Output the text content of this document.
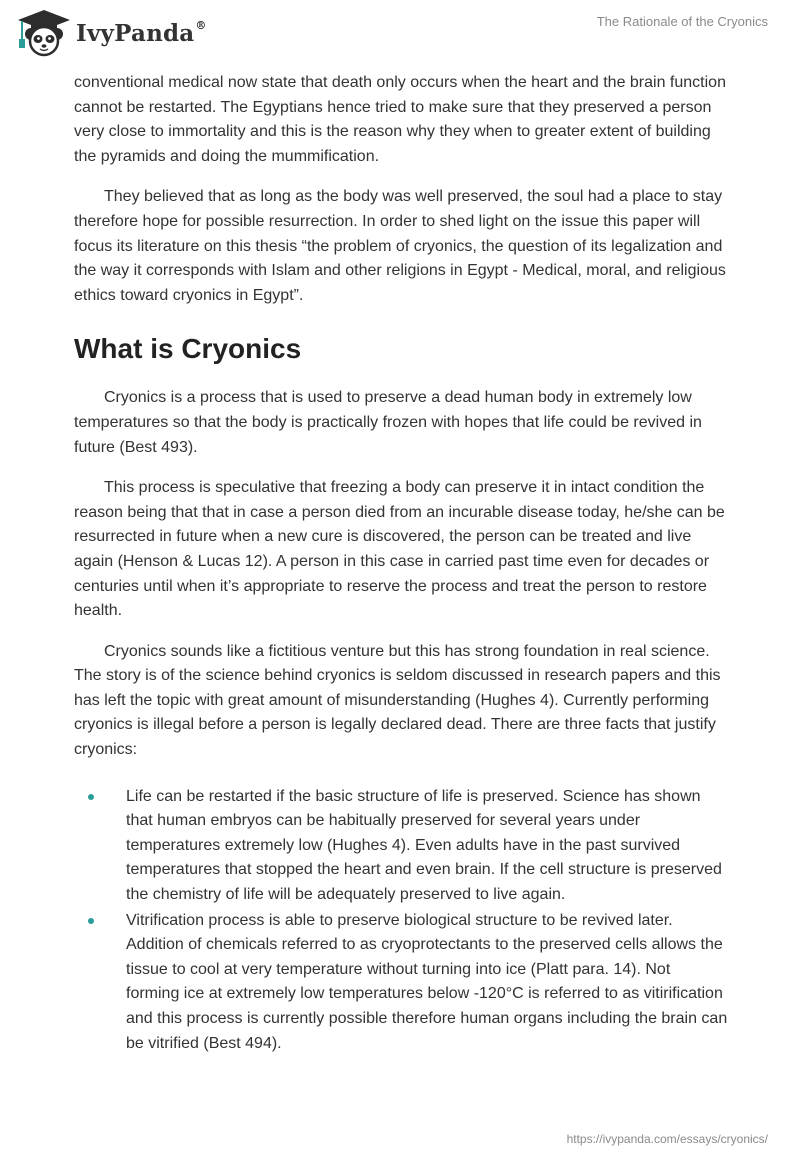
IvyPanda®	The Rationale of the Cryonics

conventional medical now state that death only occurs when the heart and the brain function cannot be restarted. The Egyptians hence tried to make sure that they preserved a person very close to immortality and this is the reason why they when to greater extent of building the pyramids and doing the mummification.

They believed that as long as the body was well preserved, the soul had a place to stay therefore hope for possible resurrection. In order to shed light on the issue this paper will focus its literature on this thesis “the problem of cryonics, the question of its legalization and the way it corresponds with Islam and other religions in Egypt - Medical, moral, and religious ethics toward cryonics in Egypt”.

What is Cryonics

Cryonics is a process that is used to preserve a dead human body in extremely low temperatures so that the body is practically frozen with hopes that life could be revived in future (Best 493).

This process is speculative that freezing a body can preserve it in intact condition the reason being that that in case a person died from an incurable disease today, he/she can be resurrected in future when a new cure is discovered, the person can be treated and live again (Henson & Lucas 12). A person in this case in carried past time even for decades or centuries until when it’s appropriate to reserve the process and treat the person to restore health.

Cryonics sounds like a fictitious venture but this has strong foundation in real science. The story is of the science behind cryonics is seldom discussed in research papers and this has left the topic with great amount of misunderstanding (Hughes 4). Currently performing cryonics is illegal before a person is legally declared dead. There are three facts that justify cryonics:

Life can be restarted if the basic structure of life is preserved. Science has shown that human embryos can be habitually preserved for several years under temperatures extremely low (Hughes 4). Even adults have in the past survived temperatures that stopped the heart and even brain. If the cell structure is preserved the chemistry of life will be adequately preserved to live again.
Vitrification process is able to preserve biological structure to be revived later. Addition of chemicals referred to as cryoprotectants to the preserved cells allows the tissue to cool at very temperature without turning into ice (Platt para. 14). Not forming ice at extremely low temperatures below -120°C is referred to as vitirification and this process is currently possible therefore human organs including the brain can be vitrified (Best 494).
https://ivypanda.com/essays/cryonics/
